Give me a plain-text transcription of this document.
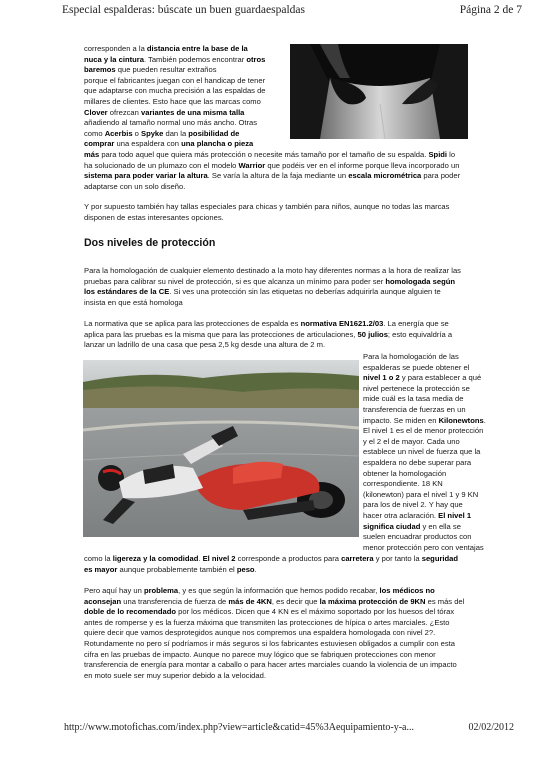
Especial espalderas: búscate un buen guardaespaldas	Página 2 de 7
corresponden a la distancia entre la base de la
nuca y la cintura. También podemos encontrar otros
baremos que pueden resultar extraños
porque el fabricantes juegan con el handicap de tener
que adaptarse con mucha precisión a las espaldas de
millares de clientes. Esto hace que las marcas como
Clover ofrezcan variantes de una misma talla
añadiendo al tamaño normal uno más ancho. Otras
como Acerbis o Spyke dan la posibilidad de
comprar una espaldera con una plancha o pieza
más para todo aquel que quiera más protección o necesite más tamaño por el tamaño de su espalda. Spidi lo
ha solucionado de un plumazo con el modelo Warrior que podéis ver en el informe porque lleva incorporado un
sistema para poder variar la altura. Se varía la altura de la faja mediante un escala micrométrica para poder
adaptarse con un solo diseño.
Y por supuesto también hay tallas especiales para chicas y también para niños, aunque no todas las marcas
disponen de estas interesantes opciones.
Dos niveles de protección
Para la homologación de cualquier elemento destinado a la moto hay diferentes normas a la hora de realizar las
pruebas para calibrar su nivel de protección, si es que alcanza un mínimo para poder ser homologada según
los estándares de la CE. Si ves una protección sin las etiquetas no deberías adquirirla aunque alguien te
insista en que está homologa
La normativa que se aplica para las protecciones de espalda es normativa EN1621.2/03. La energía que se
aplica para las pruebas es la misma que para las protecciones de articulaciones, 50 julios; esto equivaldría a
lanzar un ladrillo de una casa que pesa 2,5 kg desde una altura de 2 m.
Para la homologación de las
espalderas se puede obtener el
nivel 1 o 2 y para establecer a qué
nivel pertenece la protección se
mide cuál es la tasa media de
transferencia de fuerzas en un
impacto. Se miden en Kilonewtons.
El nivel 1 es el de menor protección
y el 2 el de mayor. Cada uno
establece un nivel de fuerza que la
espaldera no debe superar para
obtener la homologación
correspondiente. 18 KN
(kilonewton) para el nivel 1 y 9 KN
para los de nivel 2. Y hay que
hacer otra aclaración. El nivel 1
significa ciudad y en ella se
suelen encuadrar productos con
menor protección pero con ventajas
como la ligereza y la comodidad. El nivel 2 corresponde a productos para carretera y por tanto la seguridad
es mayor aunque probablemente también el peso.
Pero aquí hay un problema, y es que según la información que hemos podido recabar, los médicos no
aconsejan una transferencia de fuerza de más de 4KN, es decir que la máxima protección de 9KN es más del
doble de lo recomendado por los médicos. Dicen que 4 KN es el máximo soportado por los huesos del tórax
antes de romperse y es la fuerza máxima que transmiten las protecciones de hípica o artes marciales. ¿Esto
quiere decir que vamos desprotegidos aunque nos compremos una espaldera homologada con nivel 2?.
Rotundamente no pero sí podríamos ir más seguros si los fabricantes estuviesen obligados a cumplir con esta
cifra en las pruebas de impacto. Aunque no parece muy lógico que se fabriquen protecciones con menor
transferencia de energía para montar a caballo o para hacer artes marciales cuando la violencia de un impacto
en moto suele ser muy superior debido a la velocidad.
http://www.motofichas.com/index.php?view=article&catid=45%3Aequipamiento-y-a...	02/02/2012
